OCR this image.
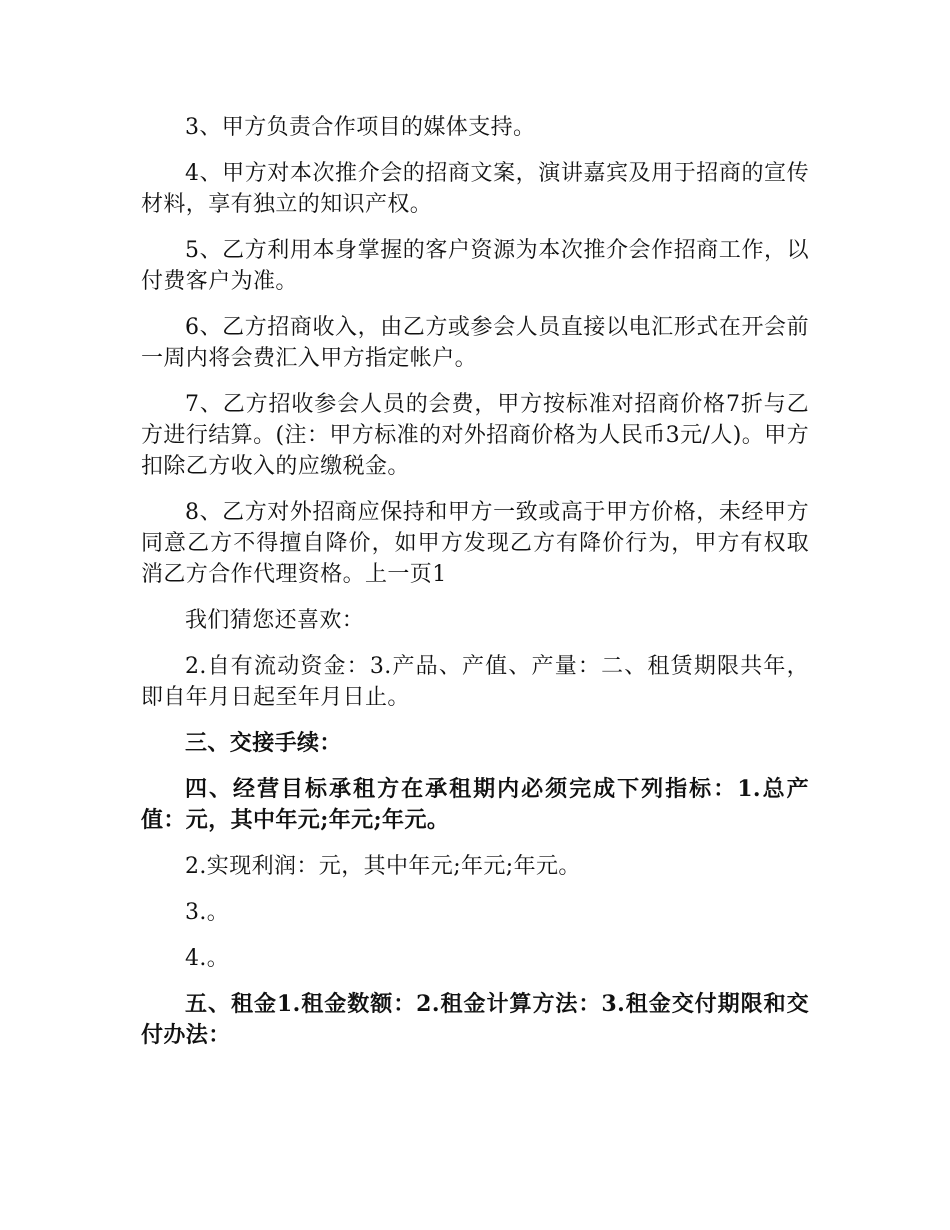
3、甲方负责合作项目的媒体支持。

4、甲方对本次推介会的招商文案，演讲嘉宾及用于招商的宣传材料，享有独立的知识产权。

5、乙方利用本身掌握的客户资源为本次推介会作招商工作，以付费客户为准。

6、乙方招商收入，由乙方或参会人员直接以电汇形式在开会前一周内将会费汇入甲方指定帐户。

7、乙方招收参会人员的会费，甲方按标准对招商价格7折与乙方进行结算。(注：甲方标准的对外招商价格为人民币3元/人)。甲方扣除乙方收入的应缴税金。

8、乙方对外招商应保持和甲方一致或高于甲方价格，未经甲方同意乙方不得擅自降价，如甲方发现乙方有降价行为，甲方有权取消乙方合作代理资格。上一页1

我们猜您还喜欢：

2.自有流动资金：3.产品、产值、产量：二、租赁期限共年，即自年月日起至年月日止。

三、交接手续：

四、经营目标承租方在承租期内必须完成下列指标：1.总产值：元，其中年元;年元;年元。

2.实现利润：元，其中年元;年元;年元。

3.。

4.。

五、租金1.租金数额：2.租金计算方法：3.租金交付期限和交付办法：
